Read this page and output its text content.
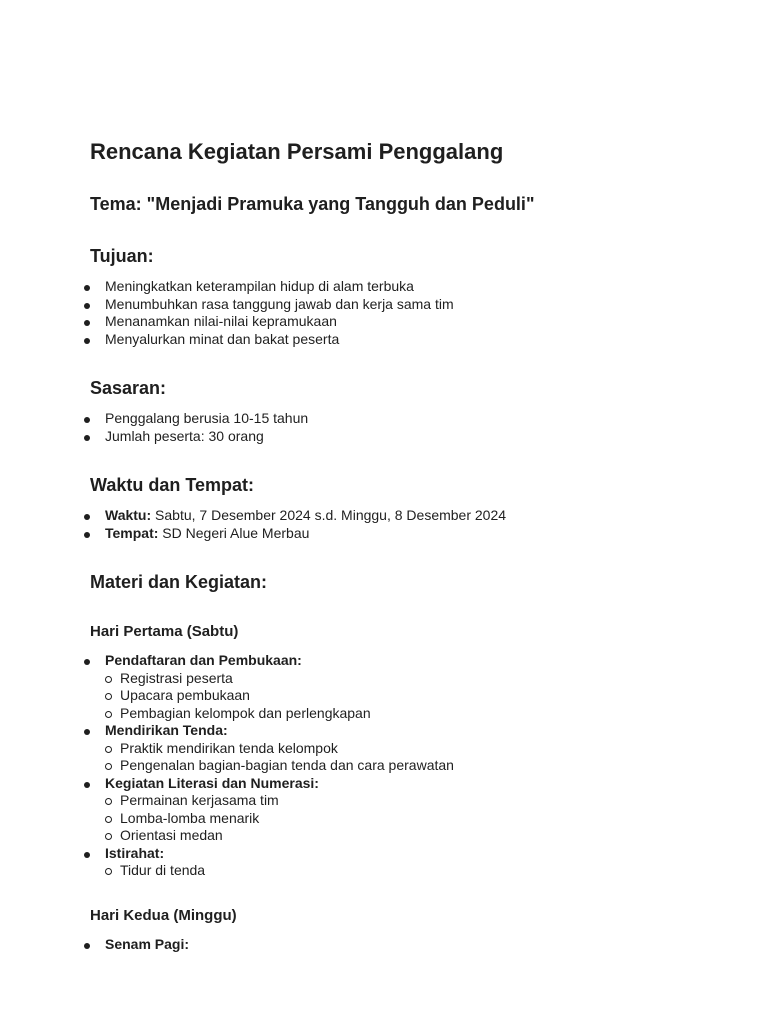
Rencana Kegiatan Persami Penggalang
Tema: "Menjadi Pramuka yang Tangguh dan Peduli"
Tujuan:
Meningkatkan keterampilan hidup di alam terbuka
Menumbuhkan rasa tanggung jawab dan kerja sama tim
Menanamkan nilai-nilai kepramukaan
Menyalurkan minat dan bakat peserta
Sasaran:
Penggalang berusia 10-15 tahun
Jumlah peserta: 30 orang
Waktu dan Tempat:
Waktu: Sabtu, 7 Desember 2024 s.d. Minggu, 8 Desember 2024
Tempat: SD Negeri Alue Merbau
Materi dan Kegiatan:
Hari Pertama (Sabtu)
Pendaftaran dan Pembukaan:
Registrasi peserta
Upacara pembukaan
Pembagian kelompok dan perlengkapan
Mendirikan Tenda:
Praktik mendirikan tenda kelompok
Pengenalan bagian-bagian tenda dan cara perawatan
Kegiatan Literasi dan Numerasi:
Permainan kerjasama tim
Lomba-lomba menarik
Orientasi medan
Istirahat:
Tidur di tenda
Hari Kedua (Minggu)
Senam Pagi:
